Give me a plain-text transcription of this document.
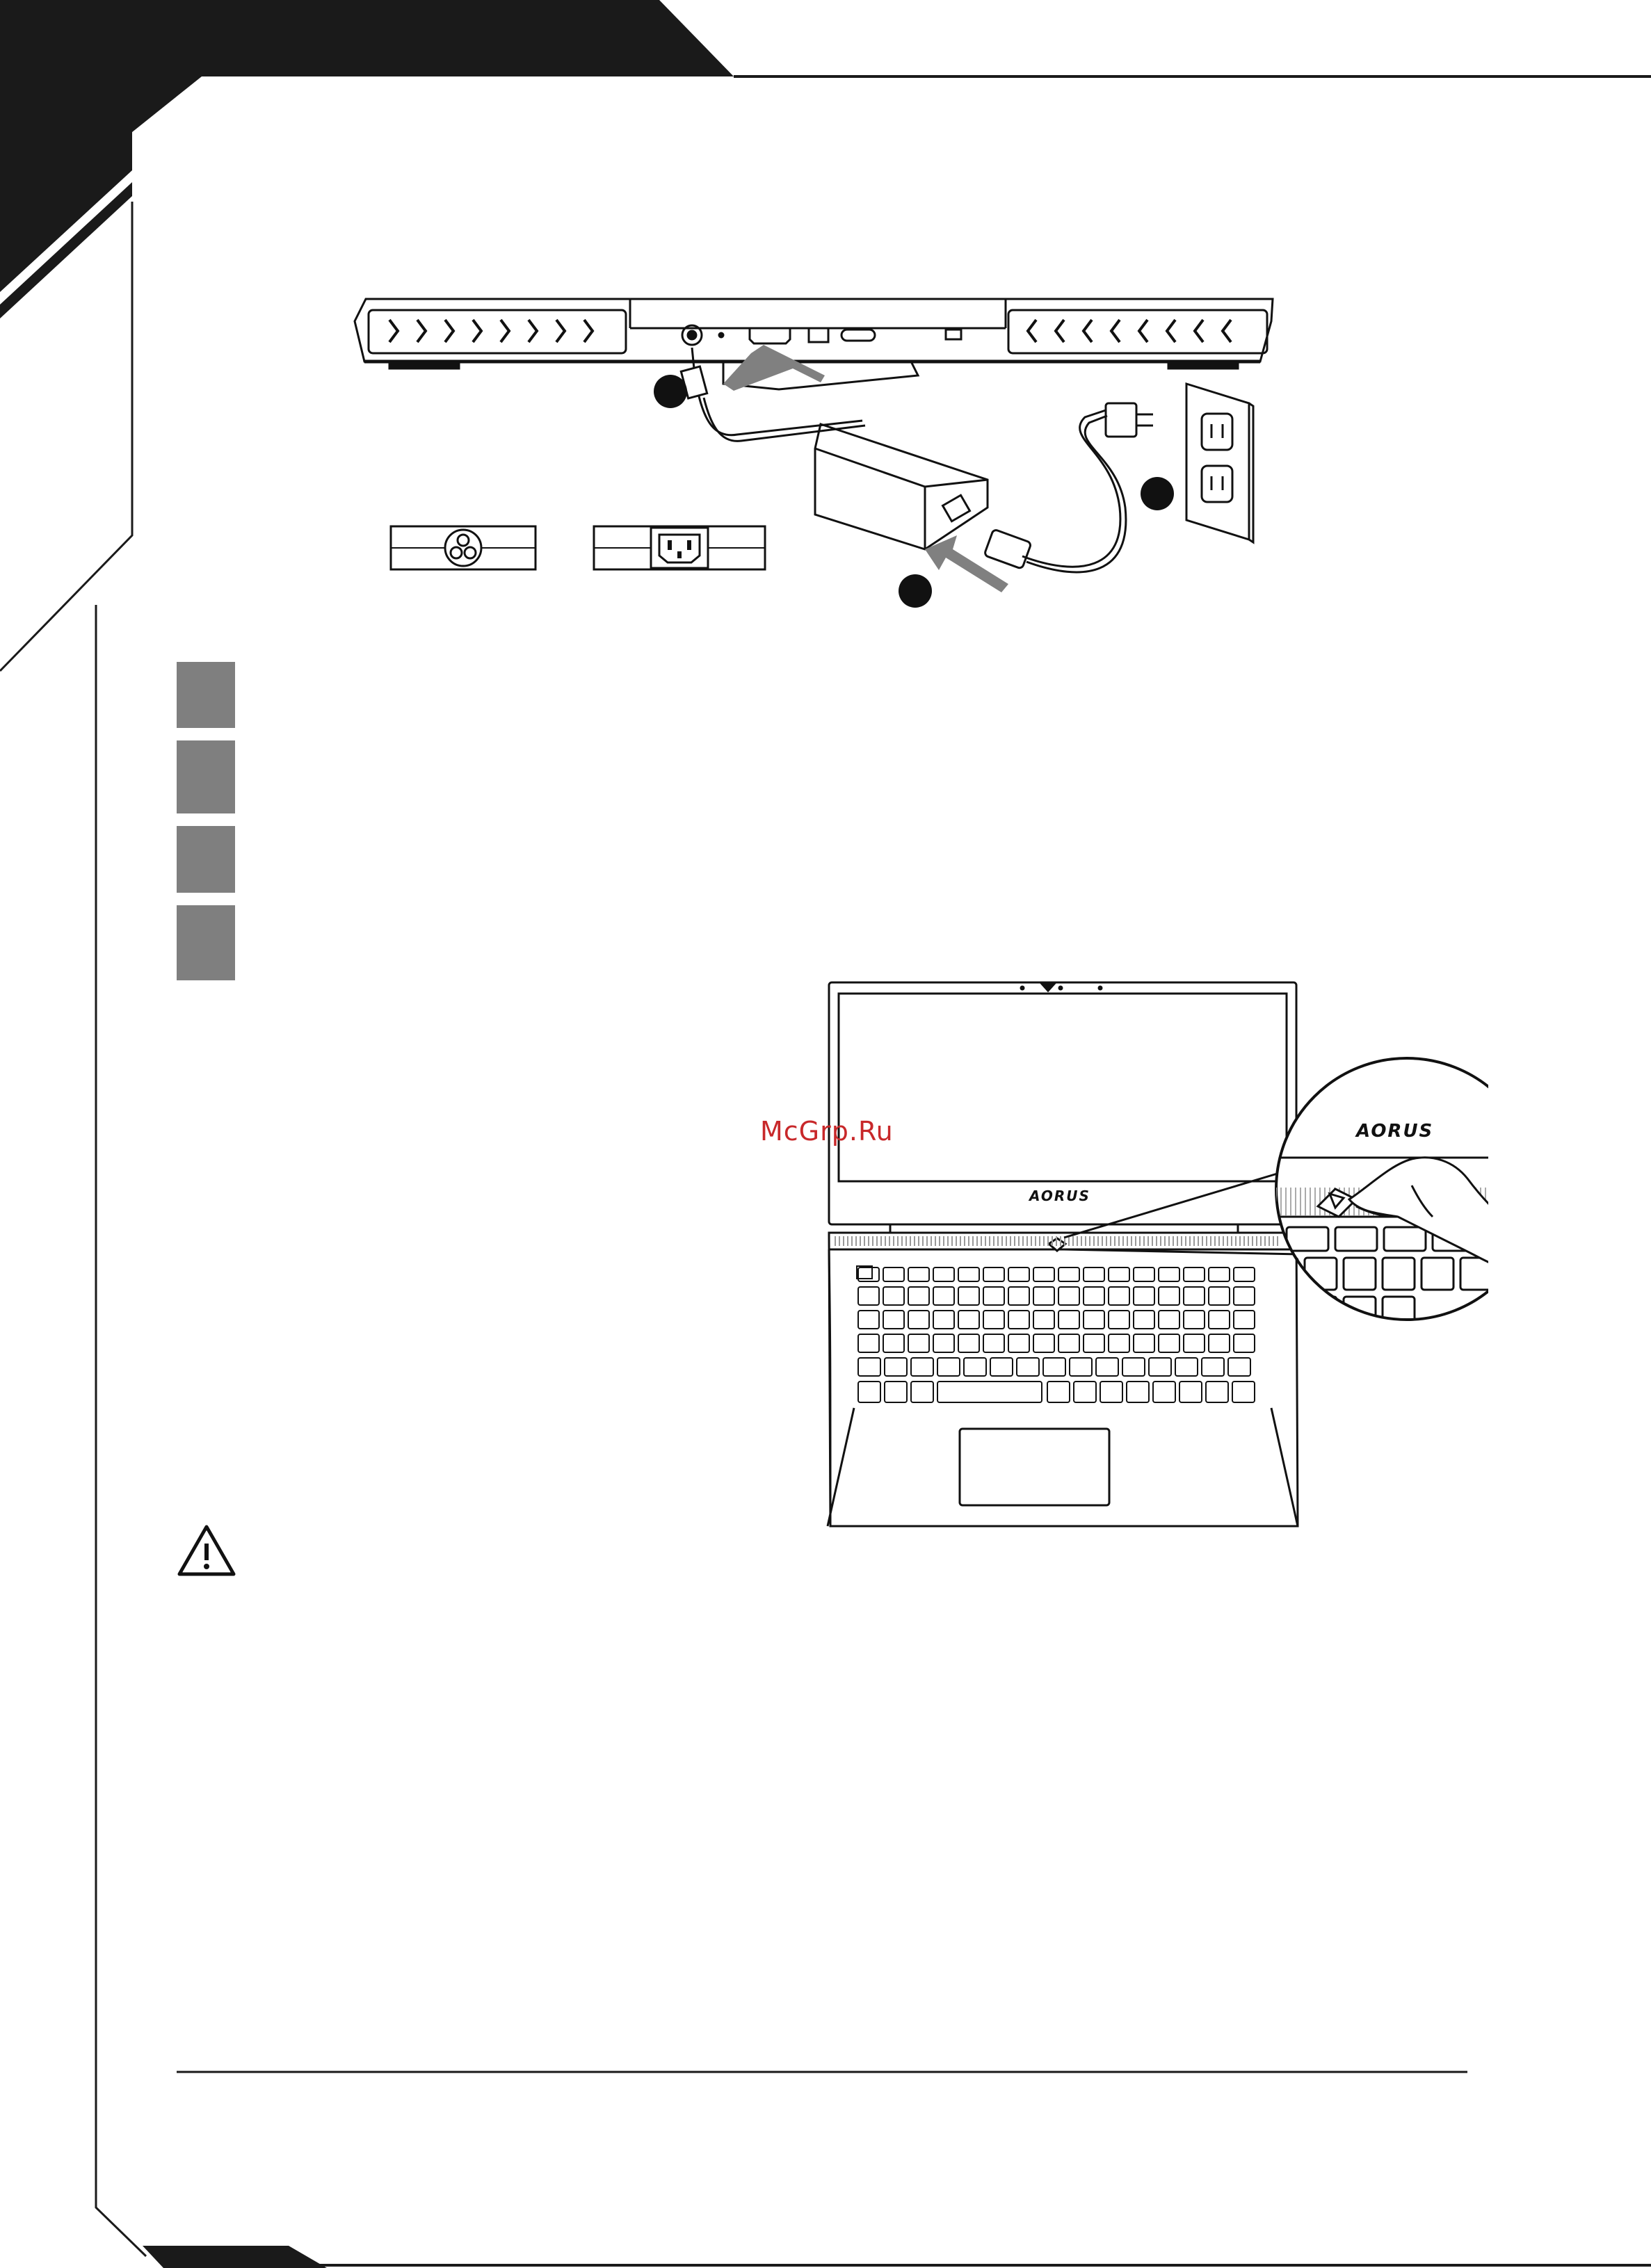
AORUS
AORUS
McGrp.Ru
